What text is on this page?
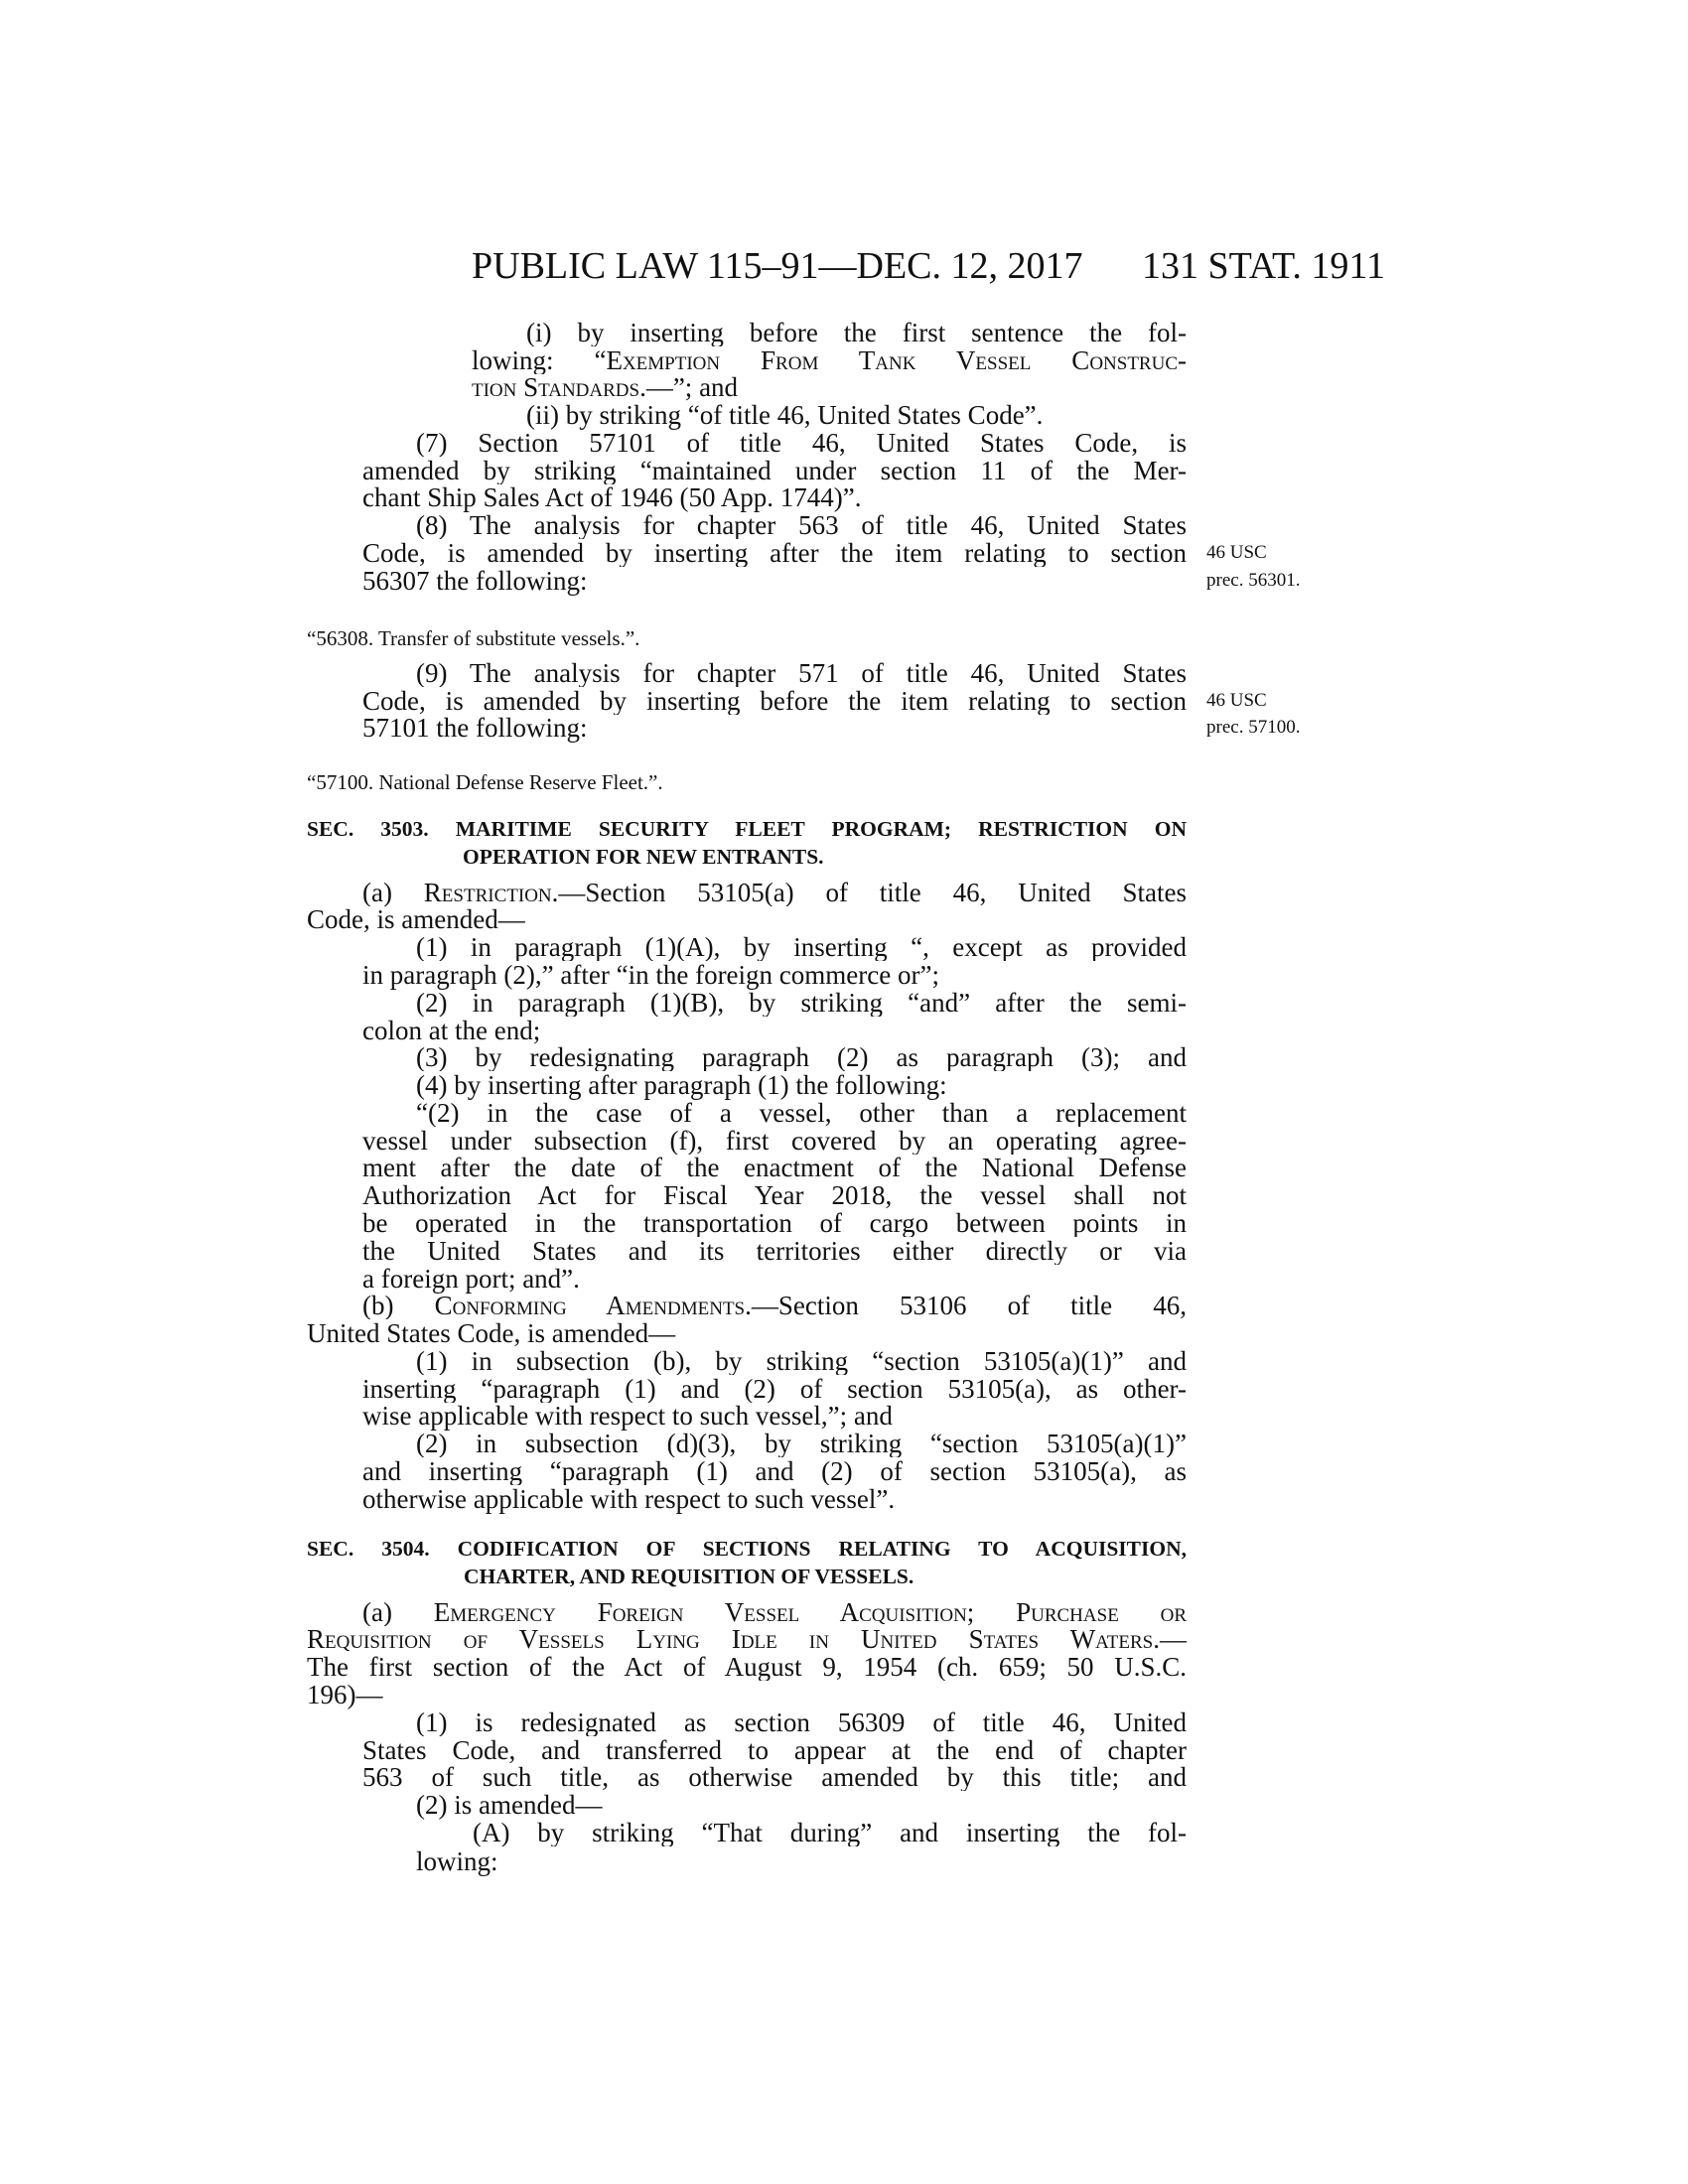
PUBLIC LAW 115–91—DEC. 12, 2017 131 STAT. 1911
(i) by inserting before the first sentence the fol-
lowing: “Exemption From Tank Vessel Construc-
tion Standards.—”; and
(ii) by striking “of title 46, United States Code”.
(7) Section 57101 of title 46, United States Code, is
amended by striking “maintained under section 11 of the Mer-
chant Ship Sales Act of 1946 (50 App. 1744)”.
(8) The analysis for chapter 563 of title 46, United States
Code, is amended by inserting after the item relating to section
56307 the following:
“56308. Transfer of substitute vessels.”.
(9) The analysis for chapter 571 of title 46, United States
Code, is amended by inserting before the item relating to section
57101 the following:
“57100. National Defense Reserve Fleet.”.
SEC. 3503. MARITIME SECURITY FLEET PROGRAM; RESTRICTION ON
OPERATION FOR NEW ENTRANTS.
(a) Restriction.—Section 53105(a) of title 46, United States
Code, is amended—
(1) in paragraph (1)(A), by inserting “, except as provided
in paragraph (2),” after “in the foreign commerce or”;
(2) in paragraph (1)(B), by striking “and” after the semi-
colon at the end;
(3) by redesignating paragraph (2) as paragraph (3); and
(4) by inserting after paragraph (1) the following:
“(2) in the case of a vessel, other than a replacement
vessel under subsection (f), first covered by an operating agree-
ment after the date of the enactment of the National Defense
Authorization Act for Fiscal Year 2018, the vessel shall not
be operated in the transportation of cargo between points in
the United States and its territories either directly or via
a foreign port; and”.
(b) Conforming Amendments.—Section 53106 of title 46,
United States Code, is amended—
(1) in subsection (b), by striking “section 53105(a)(1)” and
inserting “paragraph (1) and (2) of section 53105(a), as other-
wise applicable with respect to such vessel,”; and
(2) in subsection (d)(3), by striking “section 53105(a)(1)”
and inserting “paragraph (1) and (2) of section 53105(a), as
otherwise applicable with respect to such vessel”.
SEC. 3504. CODIFICATION OF SECTIONS RELATING TO ACQUISITION,
CHARTER, AND REQUISITION OF VESSELS.
(a) Emergency Foreign Vessel Acquisition; Purchase or
Requisition of Vessels Lying Idle in United States Waters.—
The first section of the Act of August 9, 1954 (ch. 659; 50 U.S.C.
196)—
(1) is redesignated as section 56309 of title 46, United
States Code, and transferred to appear at the end of chapter
563 of such title, as otherwise amended by this title; and
(2) is amended—
(A) by striking “That during” and inserting the fol-
lowing:
46 USC
prec. 56301.
46 USC
prec. 57100.
